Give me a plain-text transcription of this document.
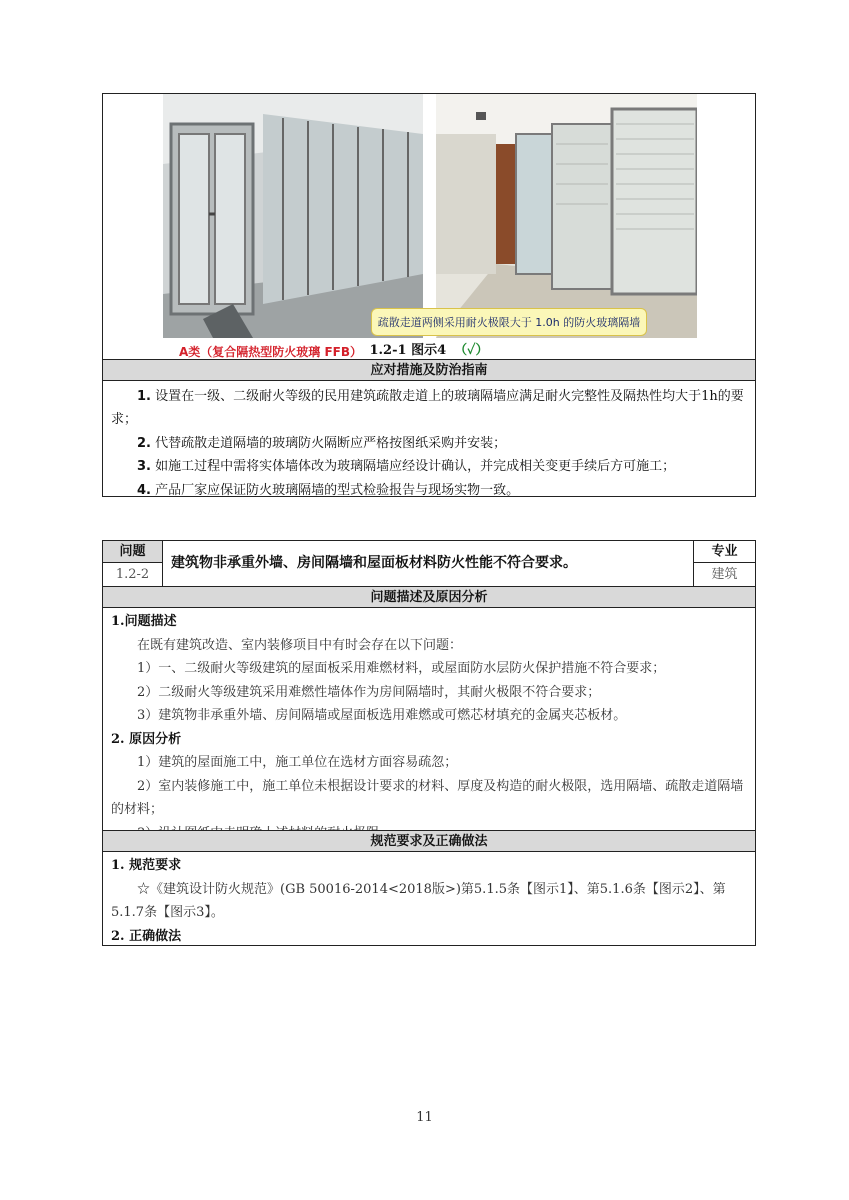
A类（复合隔热型防火玻璃 FFB）
疏散走道两侧采用耐火极限大于 1.0h 的防火玻璃隔墙
1.2-1 图示4 （✓）
应对措施及防治指南

1. 设置在一级、二级耐火等级的民用建筑疏散走道上的玻璃隔墙应满足耐火完整性及隔热性均大于1h的要求；

2. 代替疏散走道隔墙的玻璃防火隔断应严格按图纸采购并安装；

3. 如施工过程中需将实体墙体改为玻璃隔墙应经设计确认，并完成相关变更手续后方可施工；

4. 产品厂家应保证防火玻璃隔墙的型式检验报告与现场实物一致。

问题
1.2-2
建筑物非承重外墙、房间隔墙和屋面板材料防火性能不符合要求。
专业
建筑
问题描述及原因分析
1.问题描述
在既有建筑改造、室内装修项目中有时会存在以下问题：
1）一、二级耐火等级建筑的屋面板采用难燃材料，或屋面防水层防火保护措施不符合要求；
2）二级耐火等级建筑采用难燃性墙体作为房间隔墙时，其耐火极限不符合要求；
3）建筑物非承重外墙、房间隔墙或屋面板选用难燃或可燃芯材填充的金属夹芯板材。
2. 原因分析
1）建筑的屋面施工中，施工单位在选材方面容易疏忽；
2）室内装修施工中，施工单位未根据设计要求的材料、厚度及构造的耐火极限，选用隔墙、疏散走道隔墙的材料；
规范要求及正确做法
1. 规范要求
☆《建筑设计防火规范》(GB 50016-2014<2018版>)第5.1.5条【图示1】、第5.1.6条【图示2】、第5.1.7条【图示3】。
2. 正确做法
11
